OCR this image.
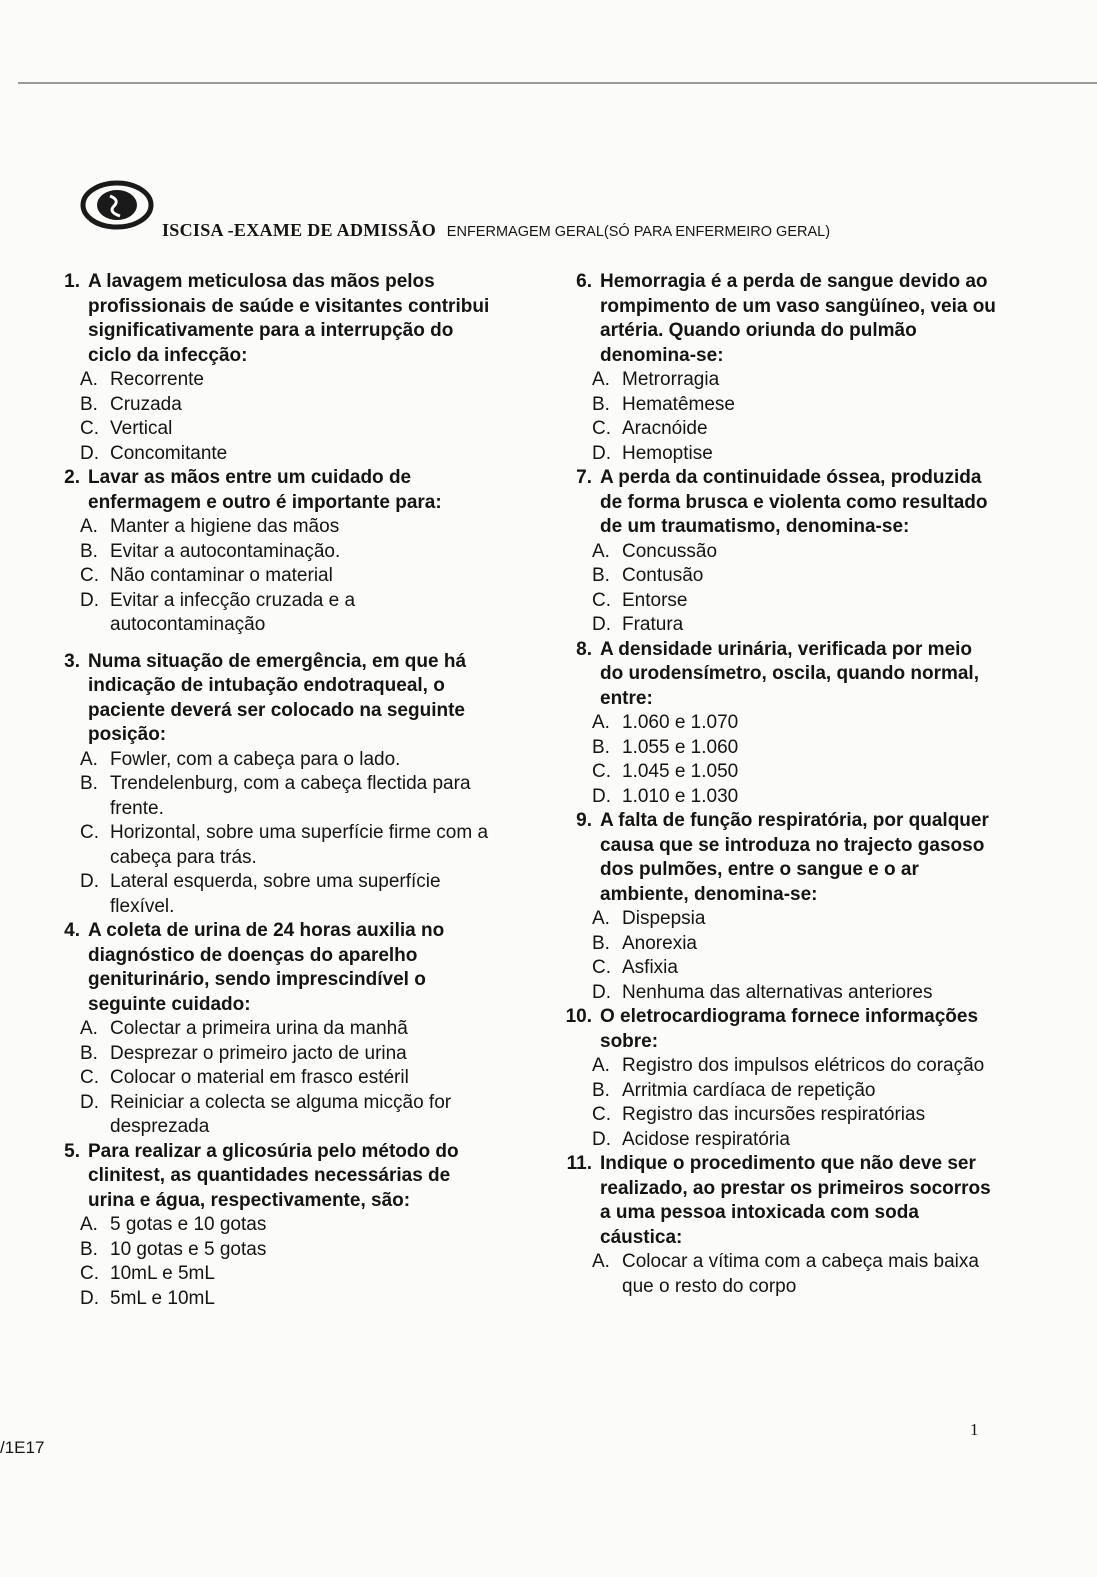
ISCISA -EXAME DE ADMISSÃO ENFERMAGEM GERAL(SÓ PARA ENFERMEIRO GERAL)
1. A lavagem meticulosa das mãos pelos profissionais de saúde e visitantes contribui significativamente para a interrupção do ciclo da infecção:
A. Recorrente
B. Cruzada
C. Vertical
D. Concomitante
2. Lavar as mãos entre um cuidado de enfermagem e outro é importante para:
A. Manter a higiene das mãos
B. Evitar a autocontaminação.
C. Não contaminar o material
D. Evitar a infecção cruzada e a autocontaminação
3. Numa situação de emergência, em que há indicação de intubação endotraqueal, o paciente deverá ser colocado na seguinte posição:
A. Fowler, com a cabeça para o lado.
B. Trendelenburg, com a cabeça flectida para frente.
C. Horizontal, sobre uma superfície firme com a cabeça para trás.
D. Lateral esquerda, sobre uma superfície flexível.
4. A coleta de urina de 24 horas auxilia no diagnóstico de doenças do aparelho geniturinário, sendo imprescindível o seguinte cuidado:
A. Colectar a primeira urina da manhã
B. Desprezar o primeiro jacto de urina
C. Colocar o material em frasco estéril
D. Reiniciar a colecta se alguma micção for desprezada
5. Para realizar a glicosúria pelo método do clinitest, as quantidades necessárias de urina e água, respectivamente, são:
A. 5 gotas e 10 gotas
B. 10 gotas e 5 gotas
C. 10mL e 5mL
D. 5mL e 10mL
6. Hemorragia é a perda de sangue devido ao rompimento de um vaso sangüíneo, veia ou artéria. Quando oriunda do pulmão denomina-se:
A. Metrorragia
B. Hematêmese
C. Aracnóide
D. Hemoptise
7. A perda da continuidade óssea, produzida de forma brusca e violenta como resultado de um traumatismo, denomina-se:
A. Concussão
B. Contusão
C. Entorse
D. Fratura
8. A densidade urinária, verificada por meio do urodensímetro, oscila, quando normal, entre:
A. 1.060 e 1.070
B. 1.055 e 1.060
C. 1.045 e 1.050
D. 1.010 e 1.030
9. A falta de função respiratória, por qualquer causa que se introduza no trajecto gasoso dos pulmões, entre o sangue e o ar ambiente, denomina-se:
A. Dispepsia
B. Anorexia
C. Asfixia
D. Nenhuma das alternativas anteriores
10. O eletrocardiograma fornece informações sobre:
A. Registro dos impulsos elétricos do coração
B. Arritmia cardíaca de repetição
C. Registro das incursões respiratórias
D. Acidose respiratória
11. Indique o procedimento que não deve ser realizado, ao prestar os primeiros socorros a uma pessoa intoxicada com soda cáustica:
A. Colocar a vítima com a cabeça mais baixa que o resto do corpo
1
/1E17
